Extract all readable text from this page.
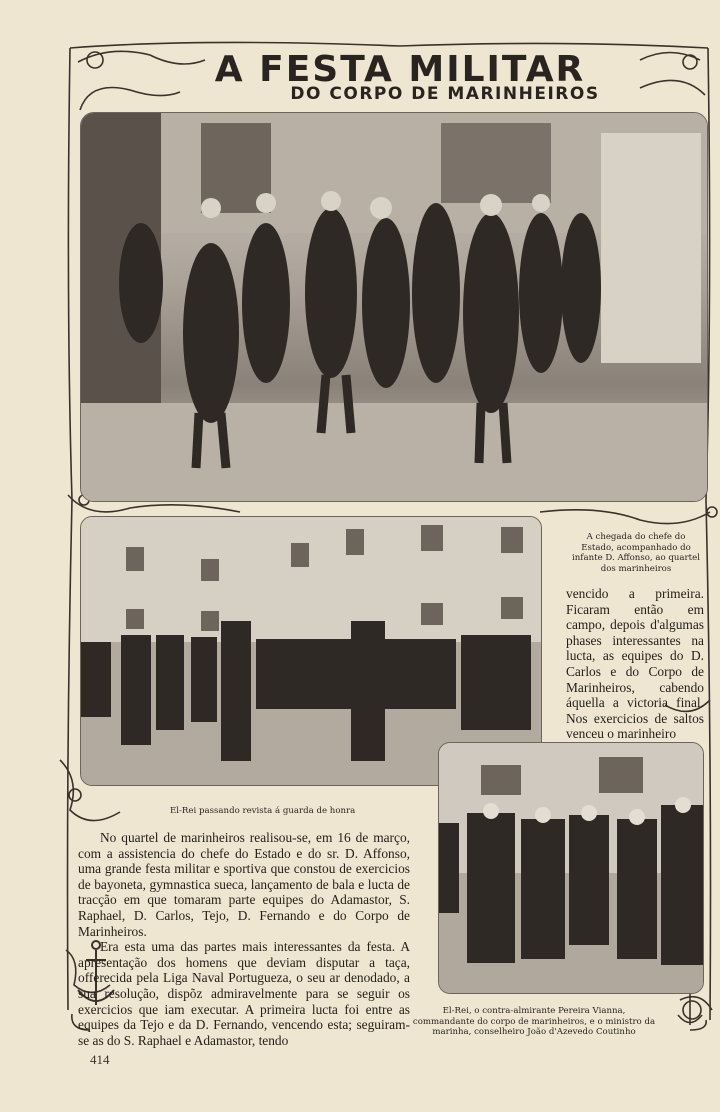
A FESTA MILITAR
DO CORPO DE MARINHEIROS
A chegada do chefe do Estado, acompanhado do infante D. Affonso, ao quartel dos marinheiros
El-Rei passando revista á guarda de honra
vencido a primeira. Ficaram então em campo, depois d'algumas phases interessantes na lucta, as equipes do D. Carlos e do Corpo de Marinheiros, cabendo áquella a victoria final. Nos exercicios de saltos venceu o marinheiro
El-Rei, o contra-almirante Pereira Vianna, commandante do corpo de marinheiros, e o ministro da marinha, conselheiro João d'Azevedo Coutinho

No quartel de marinheiros realisou-se, em 16 de março, com a assistencia do chefe do Estado e do sr. D. Affonso, uma grande festa militar e sportiva que constou de exercicios de bayoneta, gymnastica sueca, lançamento de bala e lucta de tracção em que tomaram parte equipes do Adamastor, S. Raphael, D. Carlos, Tejo, D. Fernando e do Corpo de Marinheiros.

Era esta uma das partes mais interessantes da festa. A apresentação dos homens que deviam disputar a taça, offerecida pela Liga Naval Portugueza, o seu ar denodado, a sua resolução, dispõz admiravelmente para se seguir os exercicios que iam executar. A primeira lucta foi entre as equipes da Tejo e da D. Fernando, vencendo esta; seguiram-se as do S. Raphael e Adamastor, tendo

414
